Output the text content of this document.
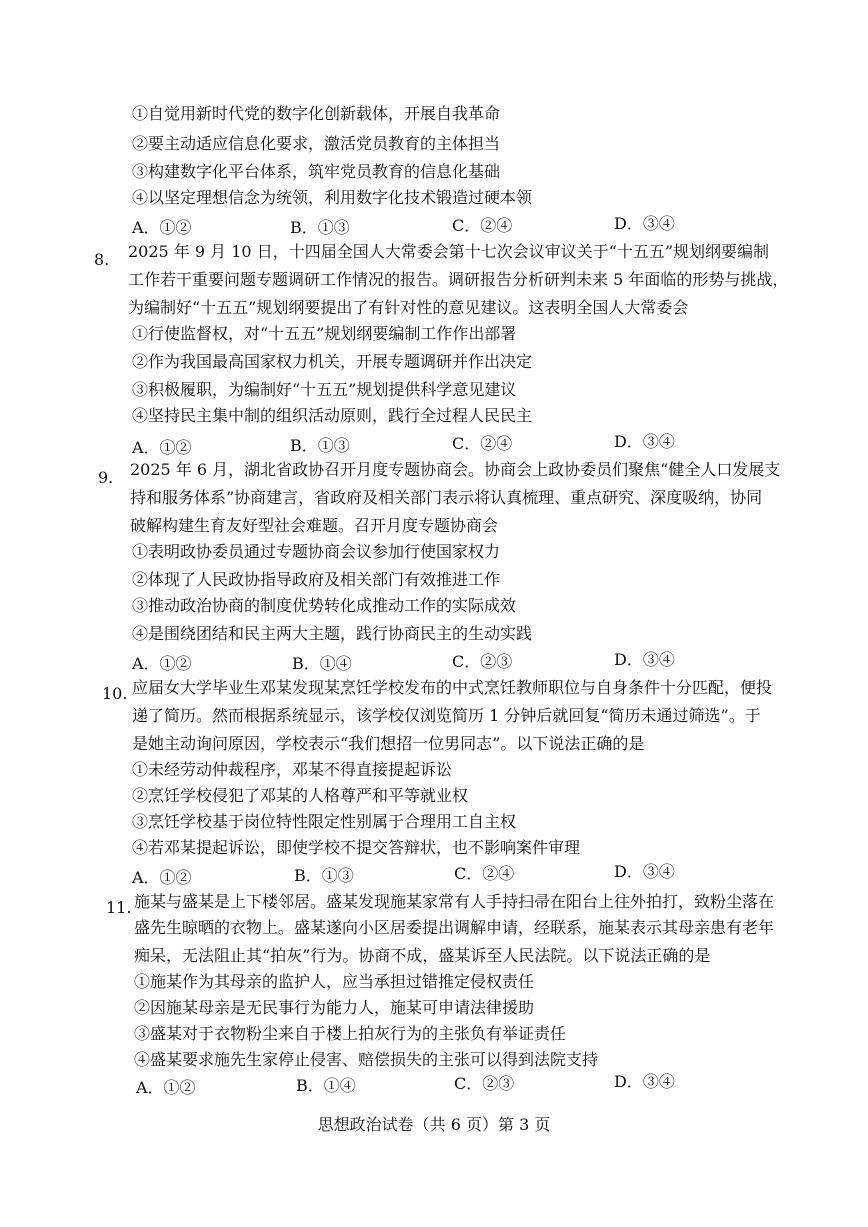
①自觉用新时代党的数字化创新载体，开展自我革命
②要主动适应信息化要求，激活党员教育的主体担当
③构建数字化平台体系，筑牢党员教育的信息化基础
④以坚定理想信念为统领，利用数字化技术锻造过硬本领
A．①②	B．①③	C．②④	D．③④
8. 2025 年 9 月 10 日，十四届全国人大常委会第十七次会议审议关于“十五五”规划纲要编制
工作若干重要问题专题调研工作情况的报告。调研报告分析研判未来 5 年面临的形势与挑战，
为编制好“十五五”规划纲要提出了有针对性的意见建议。这表明全国人大常委会
①行使监督权，对“十五五”规划纲要编制工作作出部署
②作为我国最高国家权力机关，开展专题调研并作出决定
③积极履职，为编制好“十五五”规划提供科学意见建议
④坚持民主集中制的组织活动原则，践行全过程人民民主
A．①②	B．①③	C．②④	D．③④
9. 2025 年 6 月，湖北省政协召开月度专题协商会。协商会上政协委员们聚焦“健全人口发展支
持和服务体系”协商建言，省政府及相关部门表示将认真梳理、重点研究、深度吸纳，协同
破解构建生育友好型社会难题。召开月度专题协商会
①表明政协委员通过专题协商会议参加行使国家权力
②体现了人民政协指导政府及相关部门有效推进工作
③推动政治协商的制度优势转化成推动工作的实际成效
④是围绕团结和民主两大主题，践行协商民主的生动实践
A．①②	B．①④	C．②③	D．③④
10. 应届女大学毕业生邓某发现某烹饪学校发布的中式烹饪教师职位与自身条件十分匹配，便投
递了简历。然而根据系统显示，该学校仅浏览简历 1 分钟后就回复“简历未通过筛选”。于
是她主动询问原因，学校表示“我们想招一位男同志”。以下说法正确的是
①未经劳动仲裁程序，邓某不得直接提起诉讼
②烹饪学校侵犯了邓某的人格尊严和平等就业权
③烹饪学校基于岗位特性限定性别属于合理用工自主权
④若邓某提起诉讼，即使学校不提交答辩状，也不影响案件审理
A．①②	B．①③	C．②④	D．③④
11. 施某与盛某是上下楼邻居。盛某发现施某家常有人手持扫帚在阳台上往外拍打，致粉尘落在
盛先生晾晒的衣物上。盛某遂向小区居委提出调解申请，经联系，施某表示其母亲患有老年
痴呆，无法阻止其“拍灰”行为。协商不成，盛某诉至人民法院。以下说法正确的是
①施某作为其母亲的监护人，应当承担过错推定侵权责任
②因施某母亲是无民事行为能力人，施某可申请法律援助
③盛某对于衣物粉尘来自于楼上拍灰行为的主张负有举证责任
④盛某要求施先生家停止侵害、赔偿损失的主张可以得到法院支持
A．①②	B．①④	C．②③	D．③④
思想政治试卷（共 6 页）第 3 页
